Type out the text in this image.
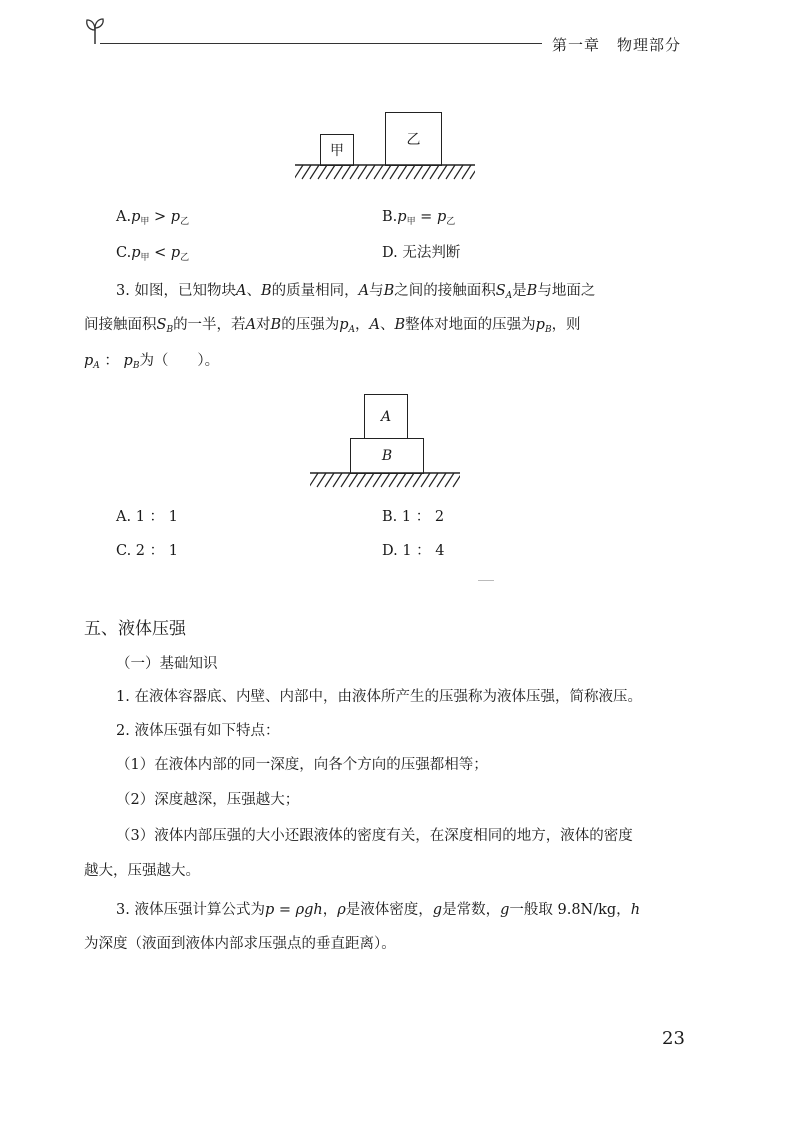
第一章 物理部分
甲
乙
$A.p_甲 > p_乙$	$B.p_甲 = p_乙$
$C.p_甲 < p_乙$	D. 无法判断
3. 如图，已知物块A、B的质量相同，A与B之间的接触面积$S_A$是B与地面之
间接触面积$S_B$的一半，若A对B的压强为$p_A$，A、B整体对地面的压强为$p_B$，则
$p_A$ ： $p_B$为（　　）。
A
B
A. 1 ： 1	B. 1 ： 2
C. 2 ： 1	D. 1 ： 4
五、液体压强
（一）基础知识
1. 在液体容器底、内壁、内部中，由液体所产生的压强称为液体压强，简称液压。
2. 液体压强有如下特点：
（1）在液体内部的同一深度，向各个方向的压强都相等；
（2）深度越深，压强越大；
（3）液体内部压强的大小还跟液体的密度有关，在深度相同的地方，液体的密度
越大，压强越大。
3. 液体压强计算公式为p = ρgh，ρ是液体密度，g是常数，g一般取 9.8N/kg，h
为深度（液面到液体内部求压强点的垂直距离）。
23
